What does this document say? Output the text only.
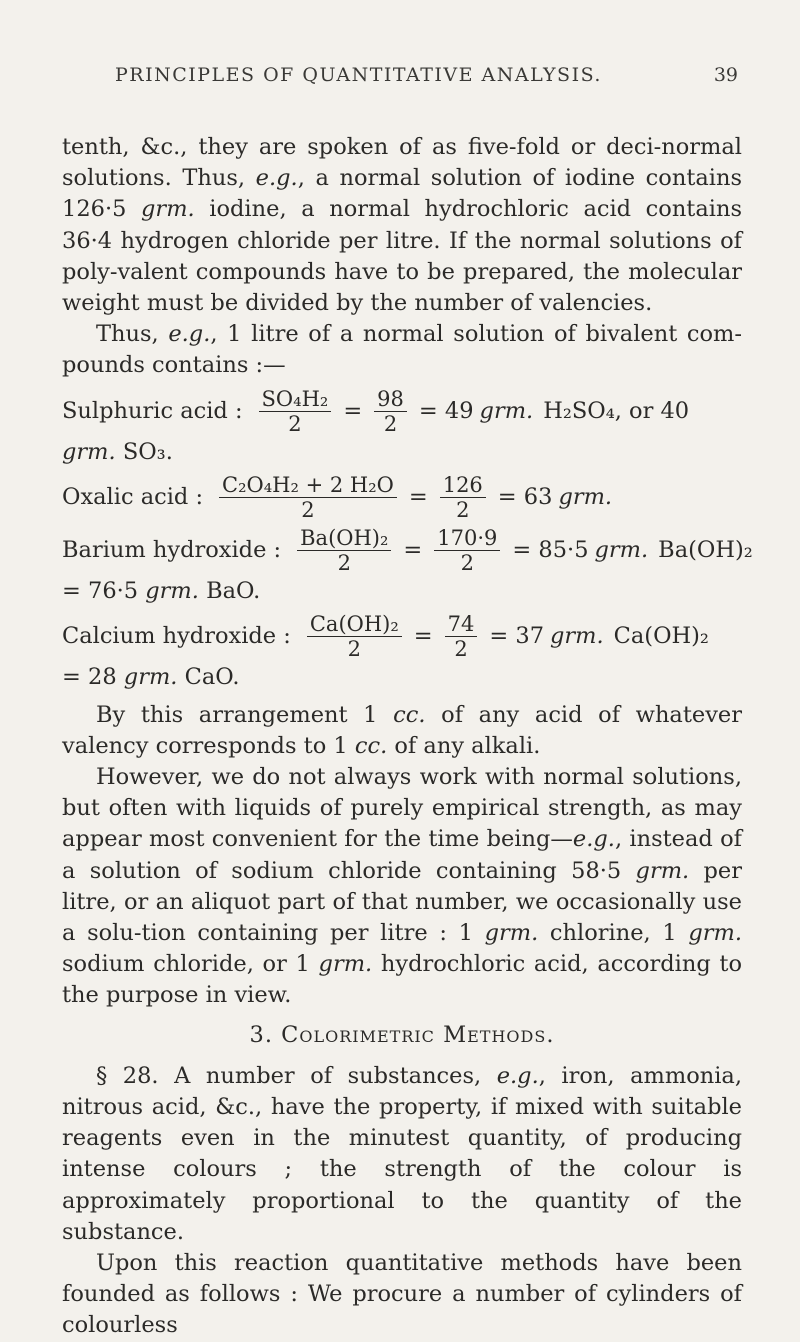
PRINCIPLES OF QUANTITATIVE ANALYSIS.	39

tenth, &c., they are spoken of as five-fold or deci-normal solutions. Thus, e.g., a normal solution of iodine contains 126·5 grm. iodine, a normal hydrochloric acid contains 36·4 hydrogen chloride per litre. If the normal solutions of poly-valent compounds have to be prepared, the molecular weight must be divided by the number of valencies.

Thus, e.g., 1 litre of a normal solution of bivalent com-pounds contains :—

Sulphuric acid : $\frac{\text{SO₄H₂}}{2} = \frac{98}{2} = 49$ grm. H₂SO₄, or 40

grm. SO₃.

Oxalic acid : $\frac{\text{C₂O₄H₂ + 2 H₂O}}{2} = \frac{126}{2} = 63$ grm.
Barium hydroxide : $\frac{\text{Ba(OH)₂}}{2} = \frac{170\cdot 9}{2} = 85\cdot 5$ grm. Ba(OH)₂

= 76·5 grm. BaO.

Calcium hydroxide : $\frac{\text{Ca(OH)₂}}{2} = \frac{74}{2} = 37$ grm. Ca(OH)₂

= 28 grm. CaO.

By this arrangement 1 cc. of any acid of whatever valency corresponds to 1 cc. of any alkali.

However, we do not always work with normal solutions, but often with liquids of purely empirical strength, as may appear most convenient for the time being—e.g., instead of a solution of sodium chloride containing 58·5 grm. per litre, or an aliquot part of that number, we occasionally use a solu-tion containing per litre : 1 grm. chlorine, 1 grm. sodium chloride, or 1 grm. hydrochloric acid, according to the purpose in view.

3. Colorimetric Methods.

§ 28. A number of substances, e.g., iron, ammonia, nitrous acid, &c., have the property, if mixed with suitable reagents even in the minutest quantity, of producing intense colours ; the strength of the colour is approximately proportional to the quantity of the substance.

Upon this reaction quantitative methods have been founded as follows : We procure a number of cylinders of colourless
